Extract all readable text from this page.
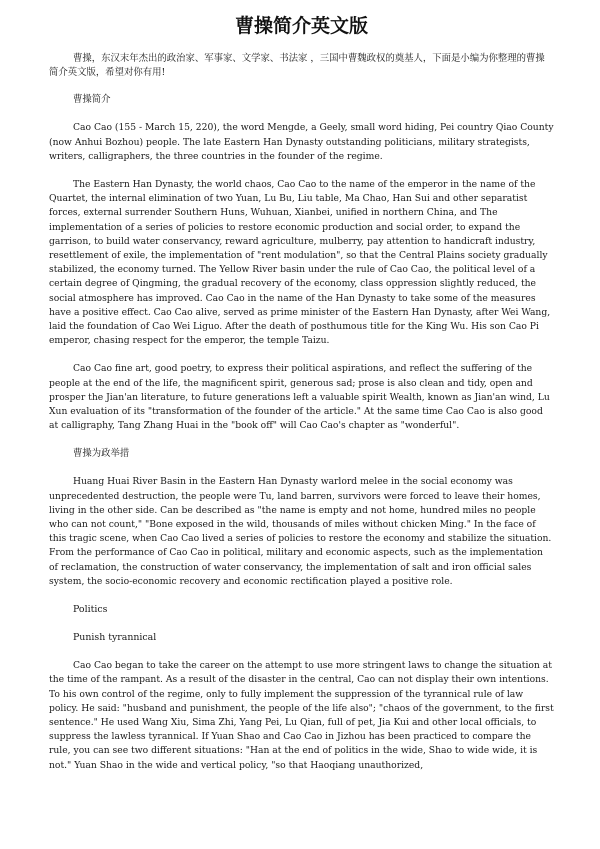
曹操简介英文版

曹操，东汉末年杰出的政治家、军事家、文学家、书法家 ，三国中曹魏政权的奠基人，下面是小编为你整理的曹操简介英文版，希望对你有用!

曹操简介

Cao Cao (155 - March 15, 220), the word Mengde, a Geely, small word hiding, Pei country Qiao County (now Anhui Bozhou) people. The late Eastern Han Dynasty outstanding politicians, military strategists, writers, calligraphers, the three countries in the founder of the regime.

The Eastern Han Dynasty, the world chaos, Cao Cao to the name of the emperor in the name of the Quartet, the internal elimination of two Yuan, Lu Bu, Liu table, Ma Chao, Han Sui and other separatist forces, external surrender Southern Huns, Wuhuan, Xianbei, unified in northern China, and The implementation of a series of policies to restore economic production and social order, to expand the garrison, to build water conservancy, reward agriculture, mulberry, pay attention to handicraft industry, resettlement of exile, the implementation of "rent modulation", so that the Central Plains society gradually stabilized, the economy turned. The Yellow River basin under the rule of Cao Cao, the political level of a certain degree of Qingming, the gradual recovery of the economy, class oppression slightly reduced, the social atmosphere has improved. Cao Cao in the name of the Han Dynasty to take some of the measures have a positive effect. Cao Cao alive, served as prime minister of the Eastern Han Dynasty, after Wei Wang, laid the foundation of Cao Wei Liguo. After the death of posthumous title for the King Wu. His son Cao Pi emperor, chasing respect for the emperor, the temple Taizu.

Cao Cao fine art, good poetry, to express their political aspirations, and reflect the suffering of the people at the end of the life, the magnificent spirit, generous sad; prose is also clean and tidy, open and prosper the Jian'an literature, to future generations left a valuable spirit Wealth, known as Jian'an wind, Lu Xun evaluation of its "transformation of the founder of the article." At the same time Cao Cao is also good at calligraphy, Tang Zhang Huai in the "book off" will Cao Cao's chapter as "wonderful".

曹操为政举措

Huang Huai River Basin in the Eastern Han Dynasty warlord melee in the social economy was unprecedented destruction, the people were Tu, land barren, survivors were forced to leave their homes, living in the other side. Can be described as "the name is empty and not home, hundred miles no people who can not count," "Bone exposed in the wild, thousands of miles without chicken Ming." In the face of this tragic scene, when Cao Cao lived a series of policies to restore the economy and stabilize the situation. From the performance of Cao Cao in political, military and economic aspects, such as the implementation of reclamation, the construction of water conservancy, the implementation of salt and iron official sales system, the socio-economic recovery and economic rectification played a positive role.

Politics

Punish tyrannical

Cao Cao began to take the career on the attempt to use more stringent laws to change the situation at the time of the rampant. As a result of the disaster in the central, Cao can not display their own intentions. To his own control of the regime, only to fully implement the suppression of the tyrannical rule of law policy. He said: "husband and punishment, the people of the life also"; "chaos of the government, to the first sentence." He used Wang Xiu, Sima Zhi, Yang Pei, Lu Qian, full of pet, Jia Kui and other local officials, to suppress the lawless tyrannical. If Yuan Shao and Cao Cao in Jizhou has been practiced to compare the rule, you can see two different situations: "Han at the end of politics in the wide, Shao to wide wide, it is not." Yuan Shao in the wide and vertical policy, "so that Haoqiang unauthorized,
